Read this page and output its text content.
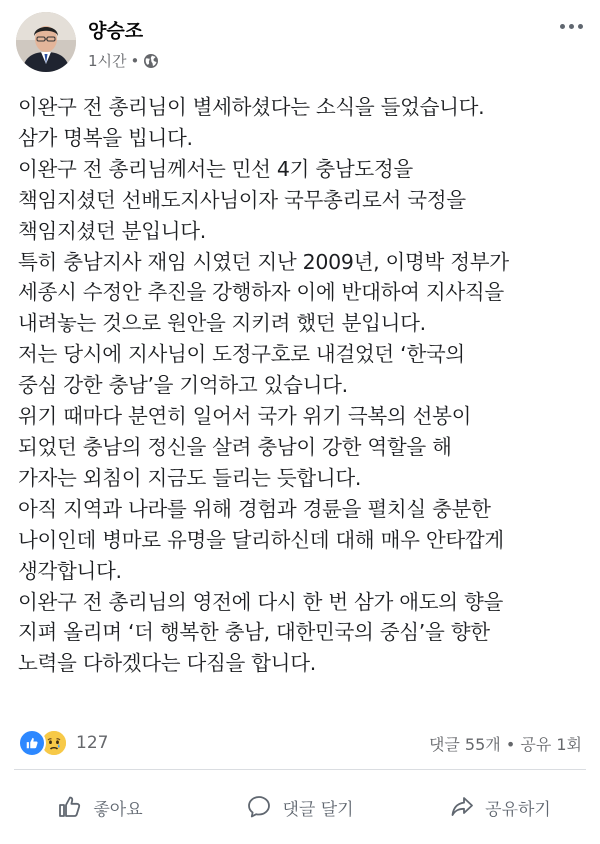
양승조
1시간 •
이완구 전 총리님이 별세하셨다는 소식을 들었습니다.
삼가 명복을 빕니다.
이완구 전 총리님께서는 민선 4기 충남도정을
책임지셨던 선배도지사님이자 국무총리로서 국정을
책임지셨던 분입니다.
특히 충남지사 재임 시였던 지난 2009년, 이명박 정부가
세종시 수정안 추진을 강행하자 이에 반대하여 지사직을
내려놓는 것으로 원안을 지키려 했던 분입니다.
저는 당시에 지사님이 도정구호로 내걸었던 ‘한국의
중심 강한 충남’을 기억하고 있습니다.
위기 때마다 분연히 일어서 국가 위기 극복의 선봉이
되었던 충남의 정신을 살려 충남이 강한 역할을 해
가자는 외침이 지금도 들리는 듯합니다.
아직 지역과 나라를 위해 경험과 경륜을 펼치실 충분한
나이인데 병마로 유명을 달리하신데 대해 매우 안타깝게
생각합니다.
이완구 전 총리님의 영전에 다시 한 번 삼가 애도의 향을
지펴 올리며 ‘더 행복한 충남, 대한민국의 중심’을 향한
노력을 다하겠다는 다짐을 합니다.
127	댓글 55개 • 공유 1회
좋아요	댓글 달기	공유하기
